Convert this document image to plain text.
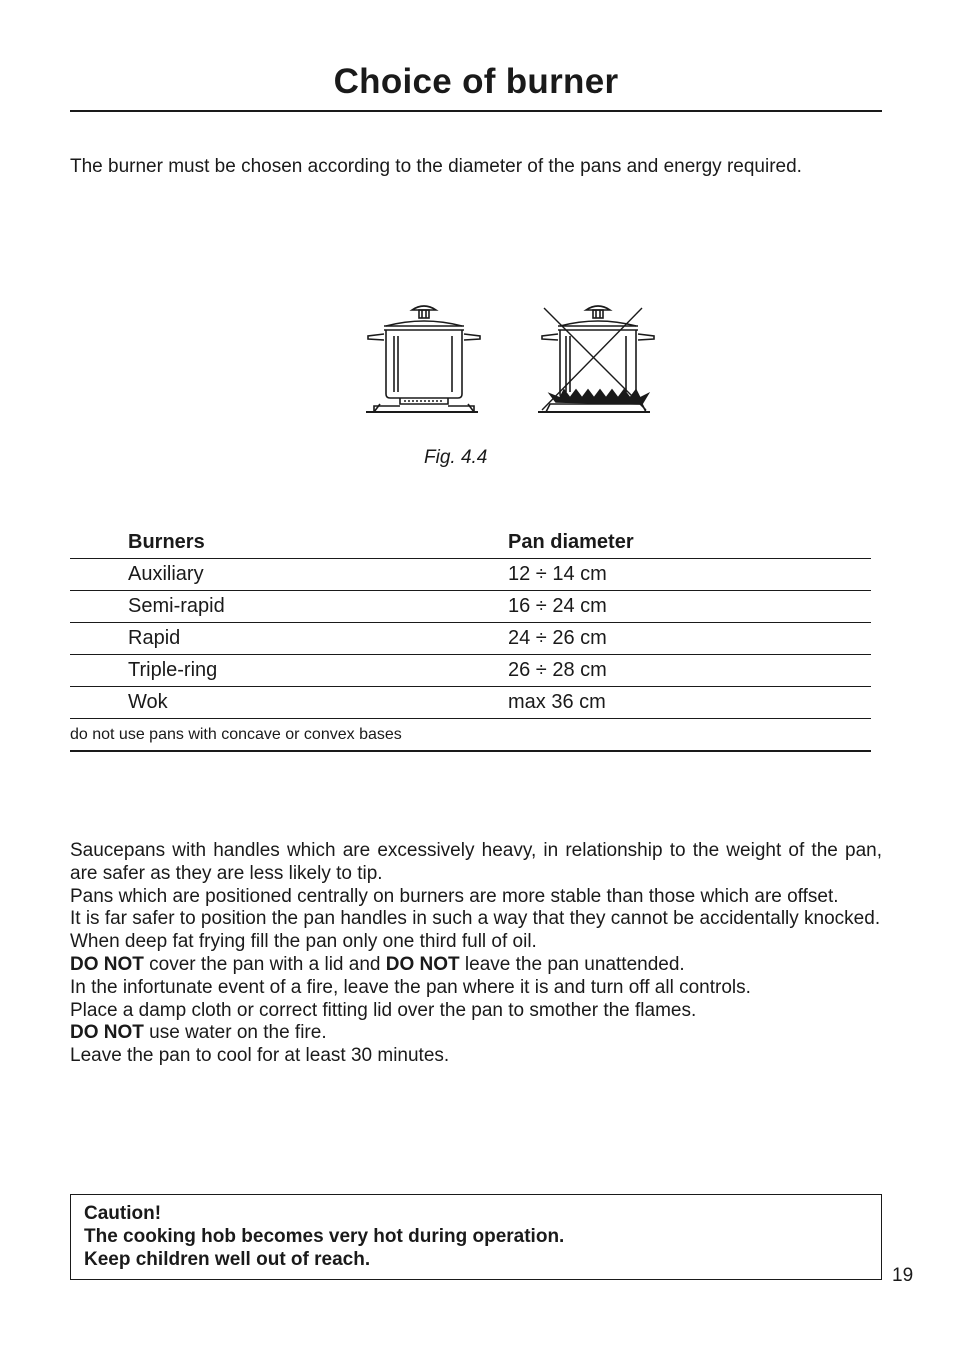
Choice of burner

The burner must be chosen according to the diameter of the pans and energy required.

Fig. 4.4
Burners	Pan diameter
Auxiliary	12 ÷ 14 cm
Semi-rapid	16 ÷ 24 cm
Rapid	24 ÷ 26 cm
Triple-ring	26 ÷ 28 cm
Wok	max 36 cm
do not use pans with concave or convex bases	

Saucepans with handles which are excessively heavy, in relationship to the weight of the pan, are safer as they are less likely to tip.

Pans which are positioned centrally on burners are more stable than those which are offset.

It is far safer to position the pan handles in such a way that they cannot be accidentally knocked.

When deep fat frying fill the pan only one third full of oil.

DO NOT cover the pan with a lid and DO NOT leave the pan unattended.

In the infortunate event of a fire, leave the pan where it is and turn off all controls.

Place a damp cloth or correct fitting lid over the pan to smother the flames.

DO NOT use water on the fire.

Leave the pan to cool for at least 30 minutes.

Caution!
The cooking hob becomes very hot during operation.
Keep children well out of reach.
19
